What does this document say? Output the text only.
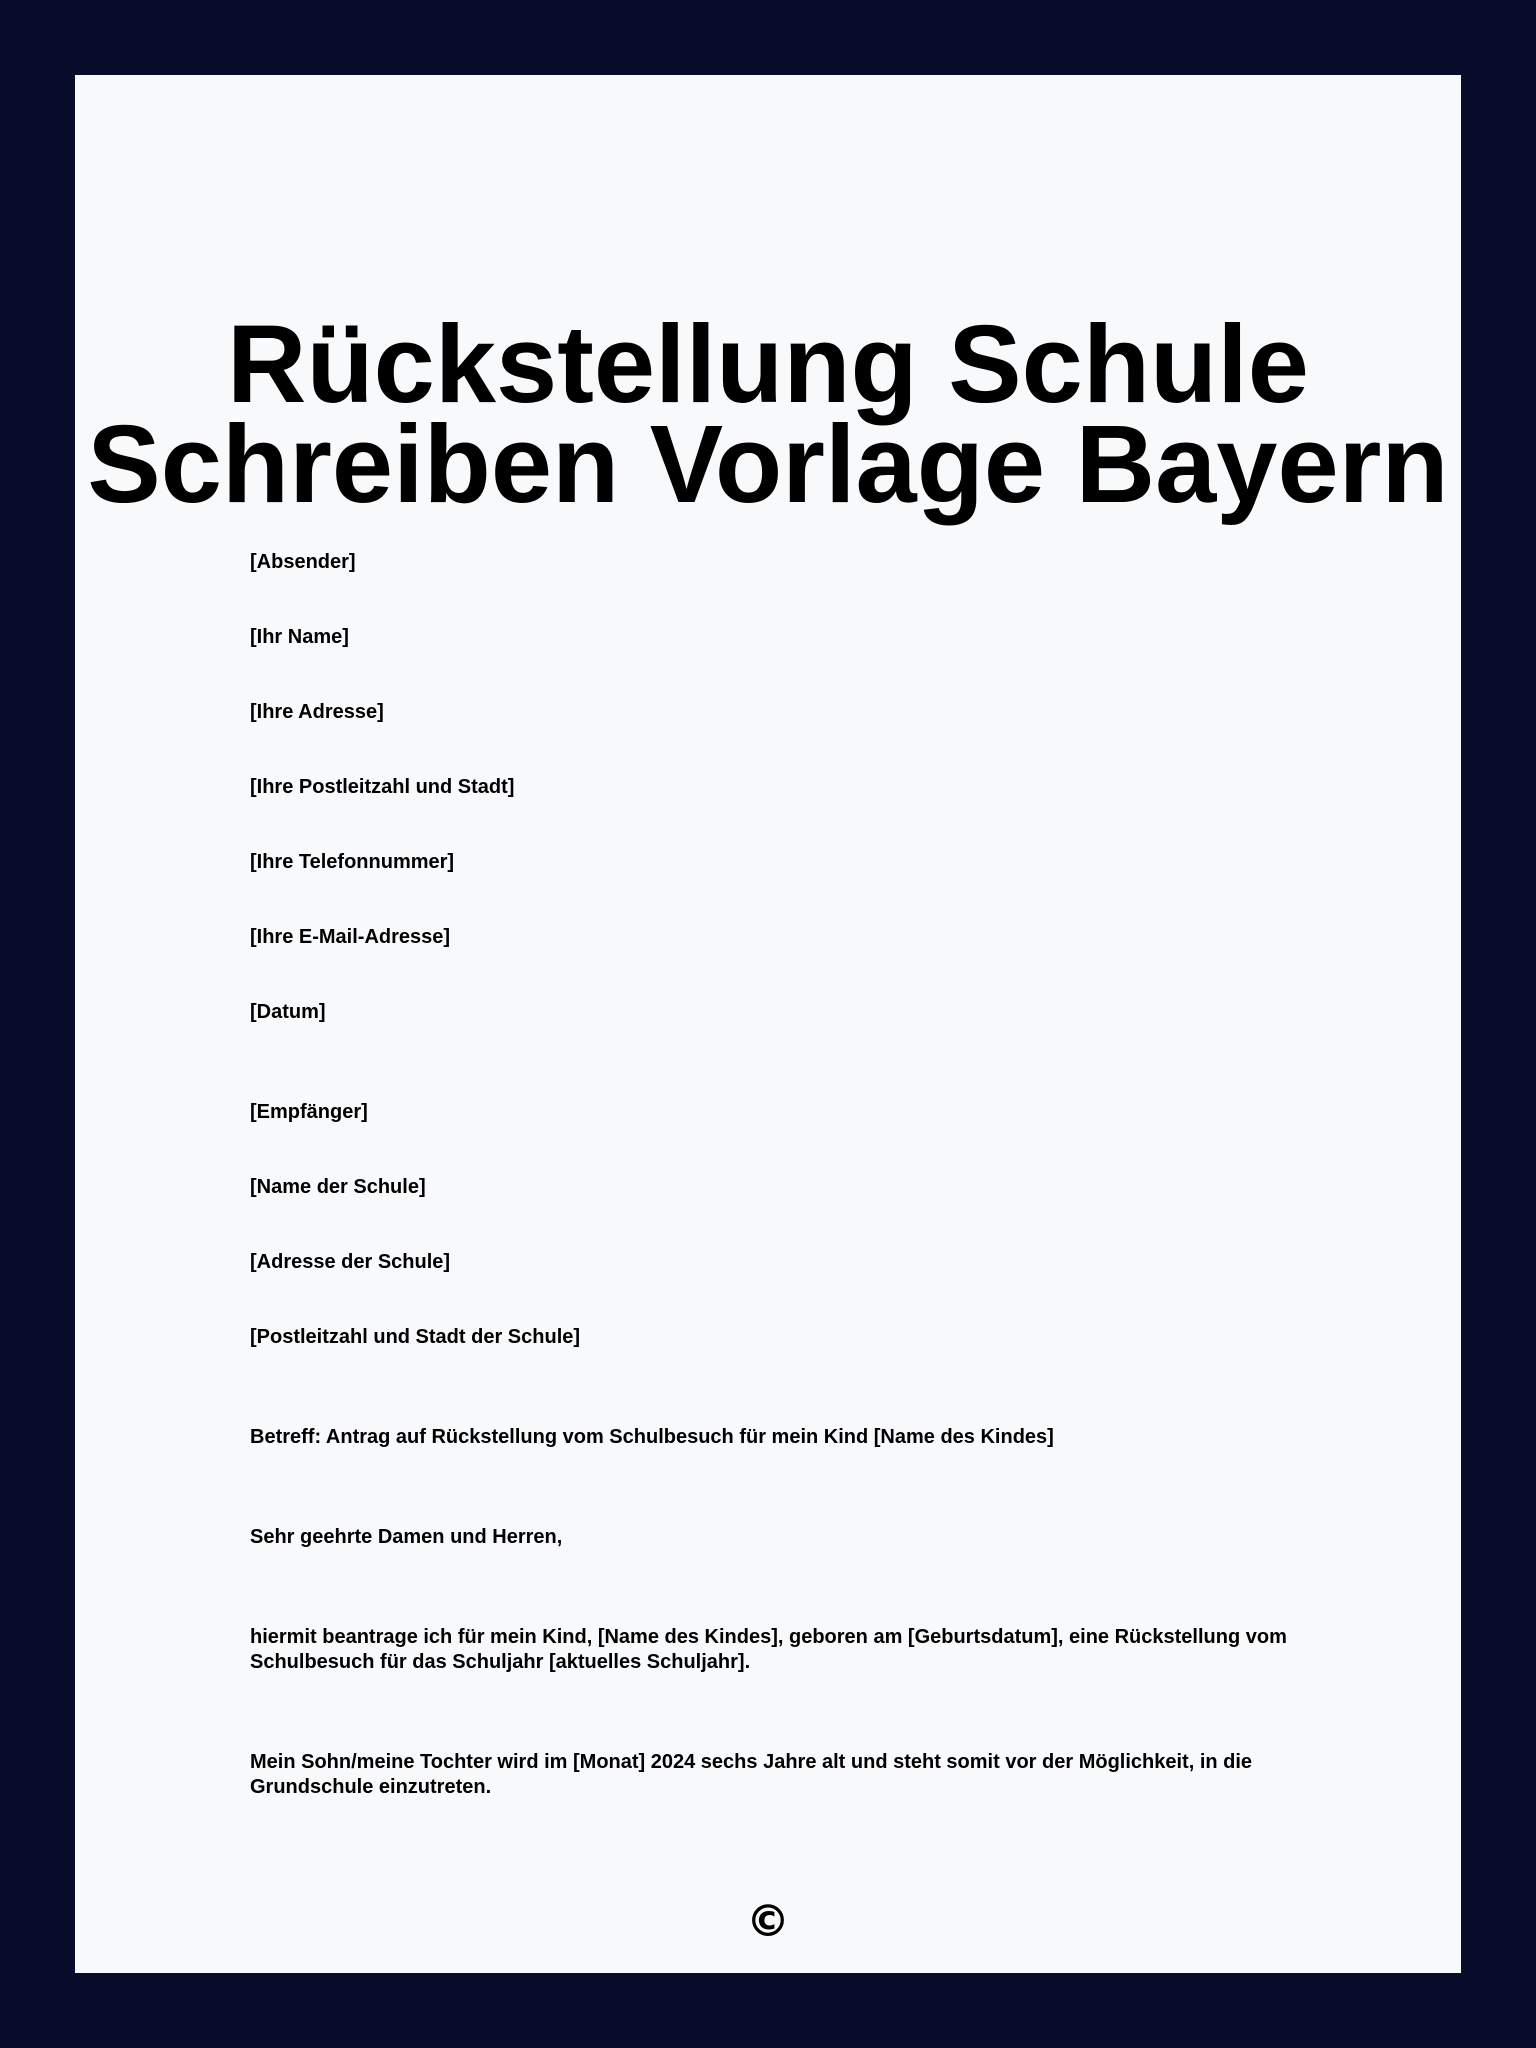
Rückstellung Schule
Schreiben Vorlage Bayern
[Absender]
[Ihr Name]
[Ihre Adresse]
[Ihre Postleitzahl und Stadt]
[Ihre Telefonnummer]
[Ihre E-Mail-Adresse]
[Datum]
[Empfänger]
[Name der Schule]
[Adresse der Schule]
[Postleitzahl und Stadt der Schule]
Betreff: Antrag auf Rückstellung vom Schulbesuch für mein Kind [Name des Kindes]
Sehr geehrte Damen und Herren,
hiermit beantrage ich für mein Kind, [Name des Kindes], geboren am [Geburtsdatum], eine Rückstellung vom Schulbesuch für das Schuljahr [aktuelles Schuljahr].
Mein Sohn/meine Tochter wird im [Monat] 2024 sechs Jahre alt und steht somit vor der Möglichkeit, in die Grundschule einzutreten.
©
